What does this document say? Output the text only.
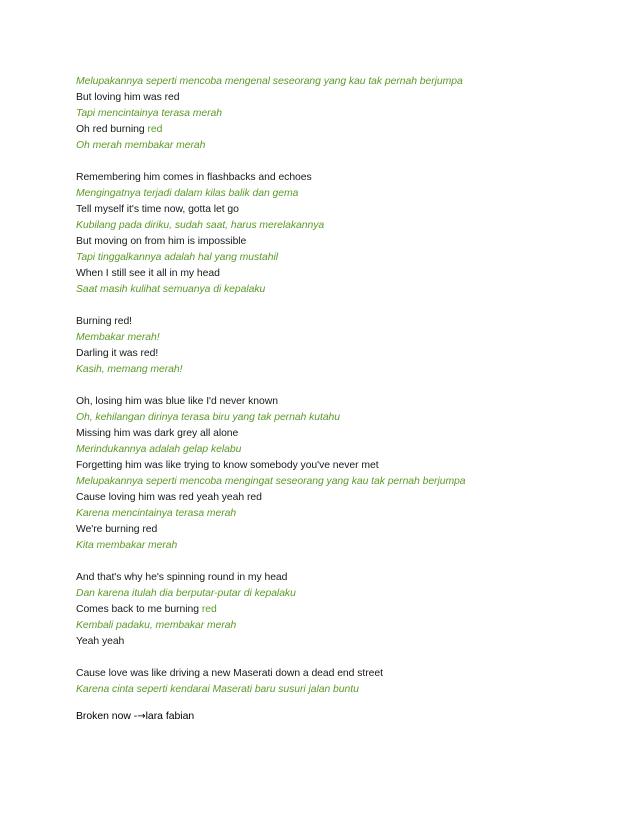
Melupakannya seperti mencoba mengenal seseorang yang kau tak pernah berjumpa
But loving him was red
Tapi mencintainya terasa merah
Oh red burning red
Oh merah membakar merah
Remembering him comes in flashbacks and echoes
Mengingatnya terjadi dalam kilas balik dan gema
Tell myself it's time now, gotta let go
Kubilang pada diriku, sudah saat, harus merelakannya
But moving on from him is impossible
Tapi tinggalkannya adalah hal yang mustahil
When I still see it all in my head
Saat masih kulihat semuanya di kepalaku
Burning red!
Membakar merah!
Darling it was red!
Kasih, memang merah!
Oh, losing him was blue like I'd never known
Oh, kehilangan dirinya terasa biru yang tak pernah kutahu
Missing him was dark grey all alone
Merindukannya adalah gelap kelabu
Forgetting him was like trying to know somebody you've never met
Melupakannya seperti mencoba mengingat seseorang yang kau tak pernah berjumpa
Cause loving him was red yeah yeah red
Karena mencintainya terasa merah
We're burning red
Kita membakar merah
And that's why he's spinning round in my head
Dan karena itulah dia berputar-putar di kepalaku
Comes back to me burning red
Kembali padaku, membakar merah
Yeah yeah
Cause love was like driving a new Maserati down a dead end street
Karena cinta seperti kendarai Maserati baru susuri jalan buntu
Broken now -→lara fabian
